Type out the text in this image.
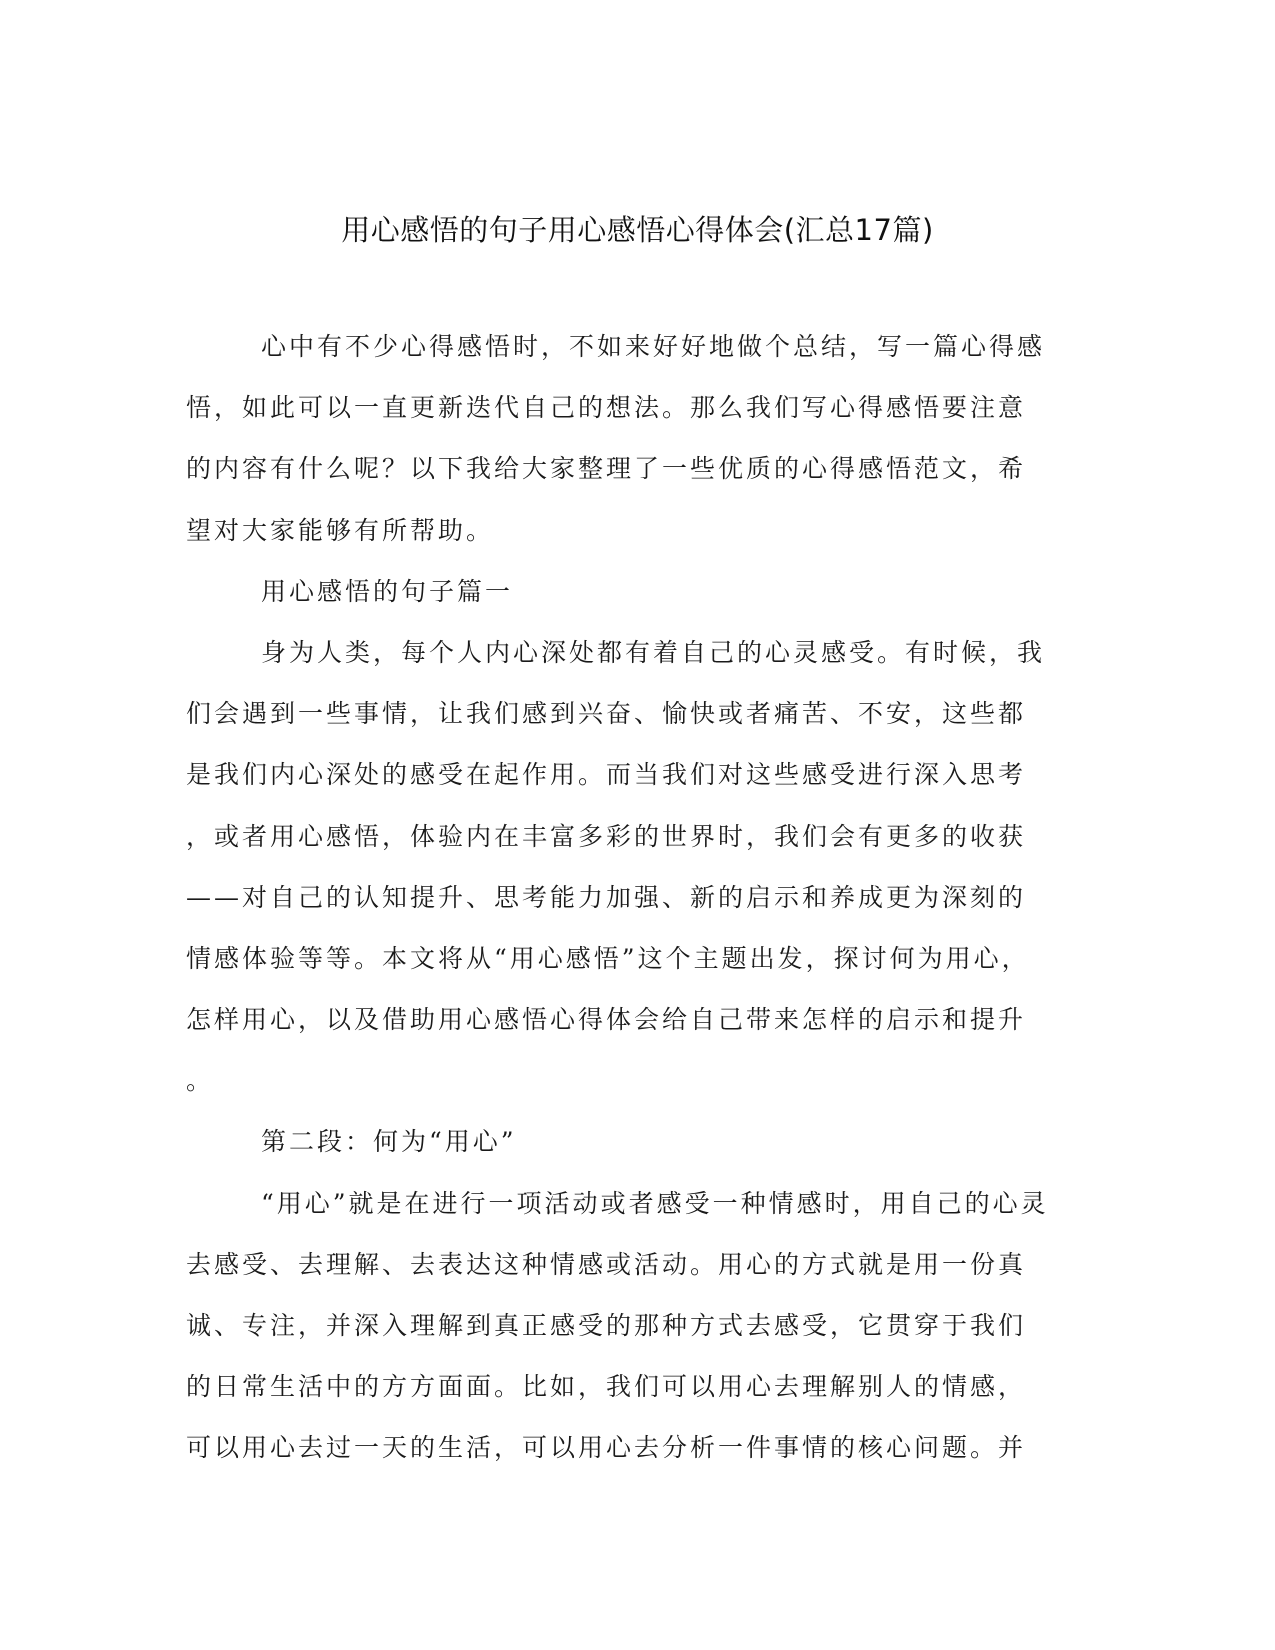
用心感悟的句子用心感悟心得体会(汇总17篇)
心中有不少心得感悟时，不如来好好地做个总结，写一篇心得感
悟，如此可以一直更新迭代自己的想法。那么我们写心得感悟要注意
的内容有什么呢？以下我给大家整理了一些优质的心得感悟范文，希
望对大家能够有所帮助。
用心感悟的句子篇一
身为人类，每个人内心深处都有着自己的心灵感受。有时候，我
们会遇到一些事情，让我们感到兴奋、愉快或者痛苦、不安，这些都
是我们内心深处的感受在起作用。而当我们对这些感受进行深入思考
，或者用心感悟，体验内在丰富多彩的世界时，我们会有更多的收获
——对自己的认知提升、思考能力加强、新的启示和养成更为深刻的
情感体验等等。本文将从“用心感悟”这个主题出发，探讨何为用心，
怎样用心，以及借助用心感悟心得体会给自己带来怎样的启示和提升
。
第二段：何为“用心”
“用心”就是在进行一项活动或者感受一种情感时，用自己的心灵
去感受、去理解、去表达这种情感或活动。用心的方式就是用一份真
诚、专注，并深入理解到真正感受的那种方式去感受，它贯穿于我们
的日常生活中的方方面面。比如，我们可以用心去理解别人的情感，
可以用心去过一天的生活，可以用心去分析一件事情的核心问题。并
